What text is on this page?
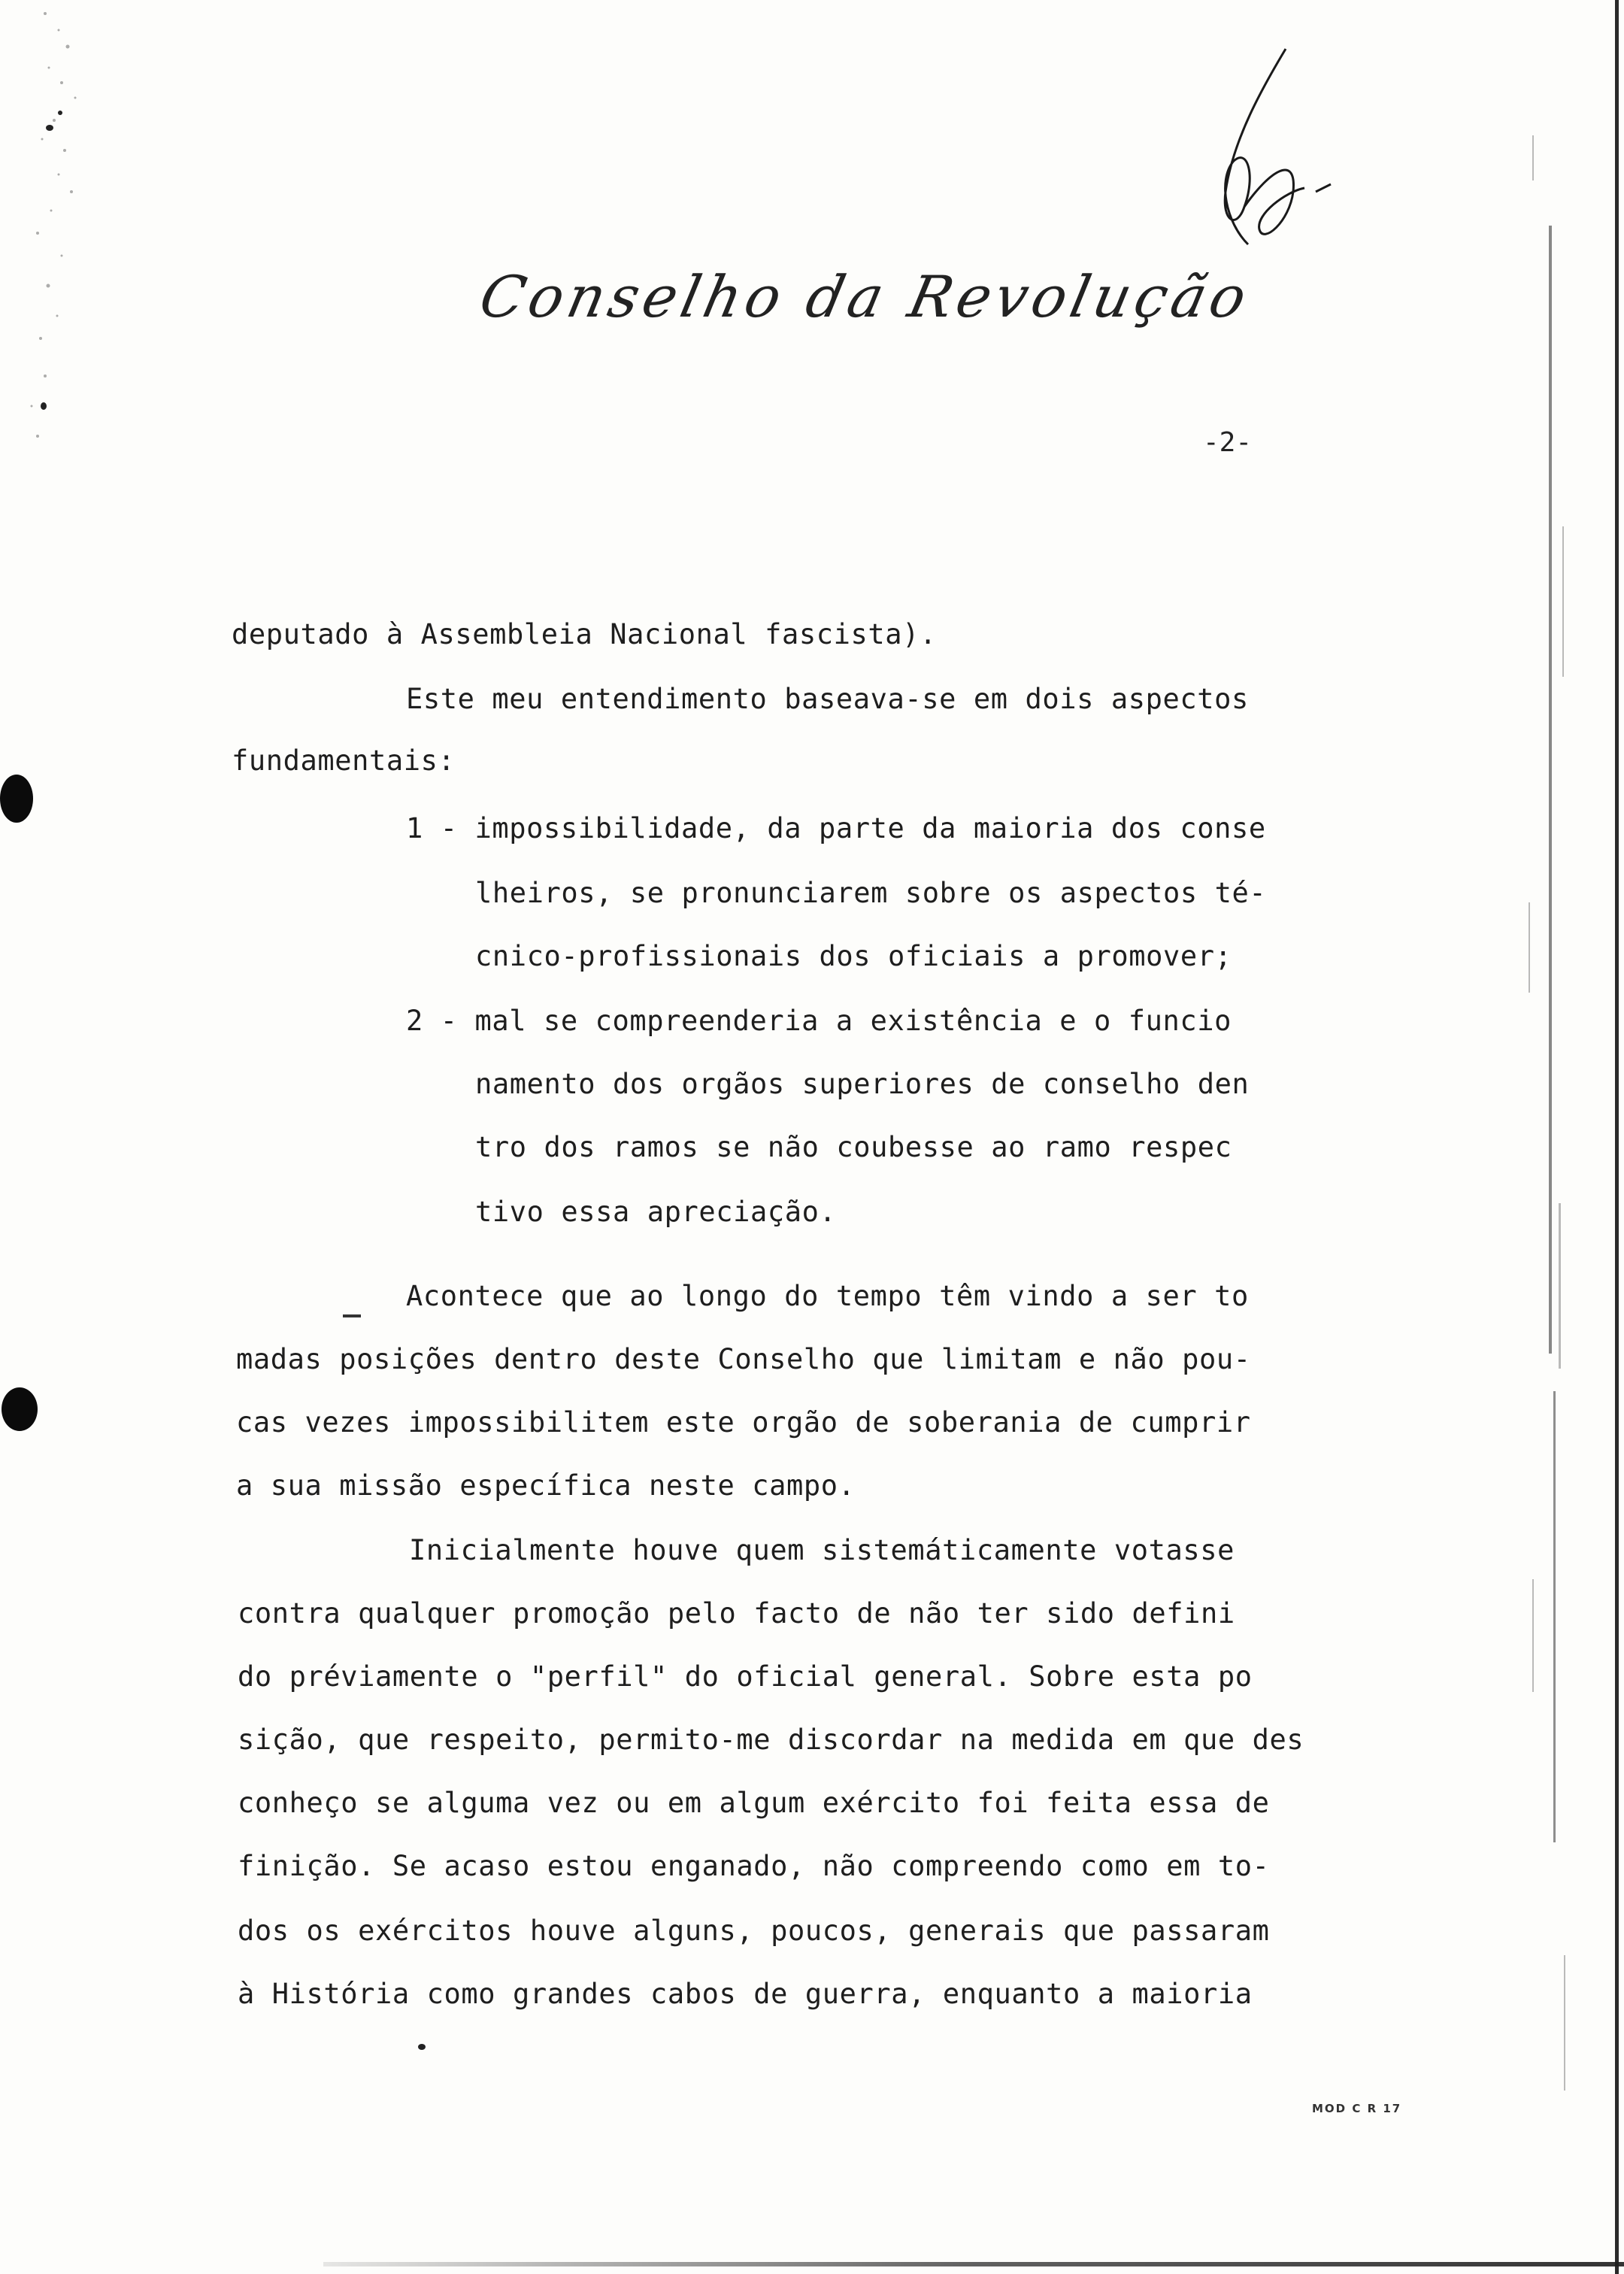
Conselho da Revolução
-2-
deputado à Assembleia Nacional fascista).
Este meu entendimento baseava-se em dois aspectos
fundamentais:
1 - impossibilidade, da parte da maioria dos conse
lheiros, se pronunciarem sobre os aspectos té-
cnico-profissionais dos oficiais a promover;
2 - mal se compreenderia a existência e o funcio
namento dos orgãos superiores de conselho den
tro dos ramos se não coubesse ao ramo respec
tivo essa apreciação.
Acontece que ao longo do tempo têm vindo a ser to
madas posições dentro deste Conselho que limitam e não pou-
cas vezes impossibilitem este orgão de soberania de cumprir
a sua missão específica neste campo.
Inicialmente houve quem sistemáticamente votasse
contra qualquer promoção pelo facto de não ter sido defini
do préviamente o "perfil" do oficial general. Sobre esta po
sição, que respeito, permito-me discordar na medida em que des
conheço se alguma vez ou em algum exército foi feita essa de
finição. Se acaso estou enganado, não compreendo como em to-
dos os exércitos houve alguns, poucos, generais que passaram
à História como grandes cabos de guerra, enquanto a maioria
MOD C R 17
